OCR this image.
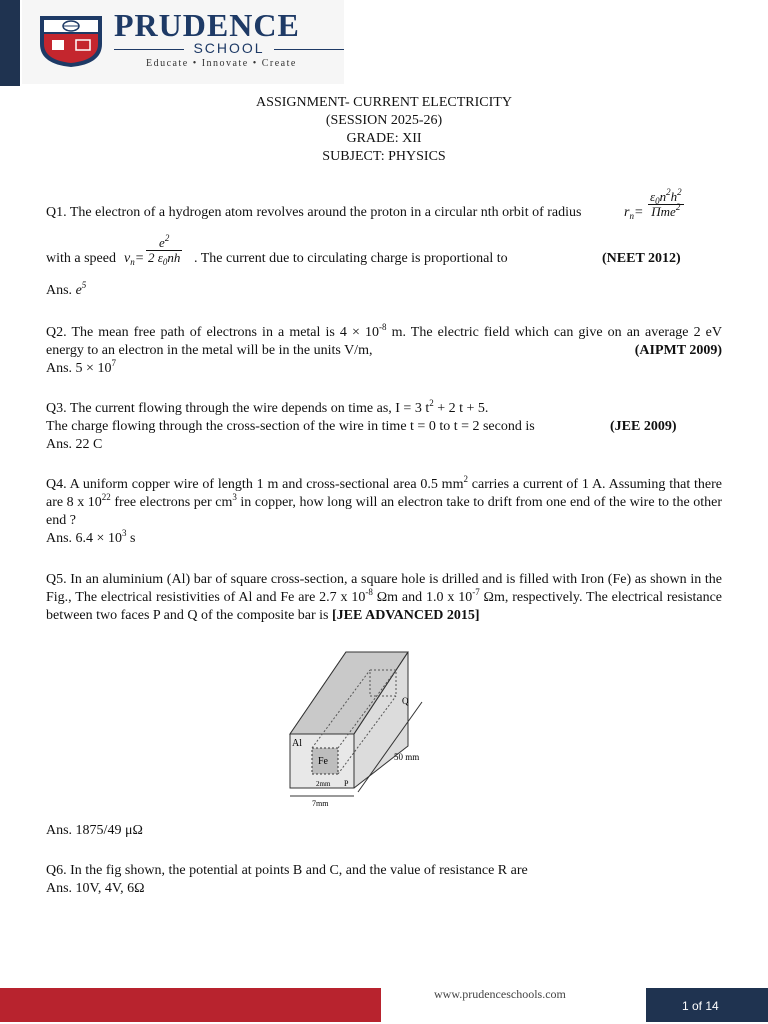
PRUDENCE
SCHOOL
Educate • Innovate • Create
ASSIGNMENT- CURRENT ELECTRICITY
(SESSION 2025-26)
GRADE: XII
SUBJECT: PHYSICS
Q1. The electron of a hydrogen atom revolves around the proton in a circular nth orbit of radius	$r_n=$
$\varepsilon_0n^2h^2$
Πme$^2$
with a speed $v_n= \frac{e^2}{2 \varepsilon_0nh}$ . The current due to circulating charge is proportional to	(NEET 2012)
Ans. $e^5$
Q2. The mean free path of electrons in a metal is $4 \times 10^{-8}$ m. The electric field which can give on an average 2 eV energy to an electron in the metal will be in the units V/m,	(AIPMT 2009)
Ans. $5 \times 10^7$
Q3. The current flowing through the wire depends on time as, I = 3 $t^2 + 2$ t + 5.
The charge flowing through the cross-section of the wire in time t = 0 to t = 2 second is	(JEE 2009)
Ans. 22 C
Q4. A uniform copper wire of length 1 m and cross-sectional area 0.5 $mm^2$ carries a current of 1 A. Assuming that there are 8 x $10^{22}$ free electrons per $cm^3$ in copper, how long will an electron take to drift from one end of the wire to the other end ?
Ans. $6.4 \times 10^3$ s
Q5. In an aluminium (Al) bar of square cross-section, a square hole is drilled and is filled with Iron (Fe) as shown in the Fig., The electrical resistivities of Al and Fe are 2.7 x $10^{-8}$ Ωm and 1.0 x $10^{-7}$ Ωm, respectively. The electrical resistance between two faces P and Q of the composite bar is [JEE ADVANCED 2015]
Al
Fe
Q
P
50 mm
2mm
7mm
Ans. 1875/49 μΩ
Q6. In the fig shown, the potential at points B and C, and the value of resistance R are
Ans. 10V, 4V, 6Ω
www.prudenceschools.com
1 of 14
